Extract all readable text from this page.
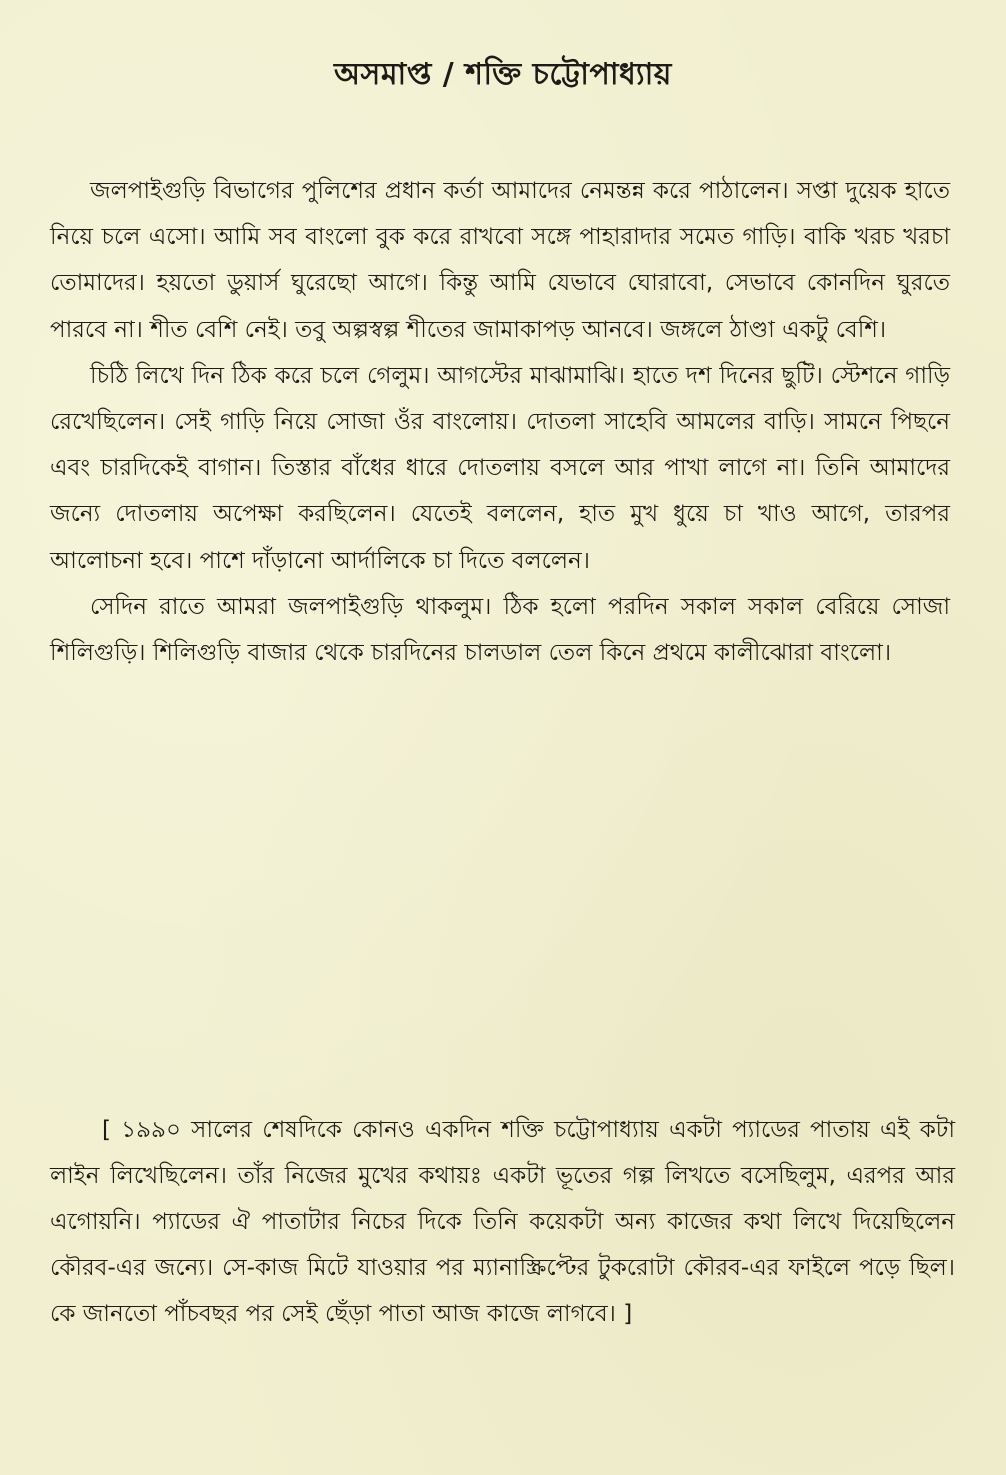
অসমাপ্ত / শক্তি চট্টোপাধ্যায়

জলপাইগুড়ি বিভাগের পুলিশের প্রধান কর্তা আমাদের নেমন্তন্ন করে পাঠালেন। সপ্তা দুয়েক হাতে নিয়ে চলে এসো। আমি সব বাংলো বুক করে রাখবো সঙ্গে পাহারাদার সমেত গাড়ি। বাকি খরচ খরচা তোমাদের। হয়তো ডুয়ার্স ঘুরেছো আগে। কিন্তু আমি যেভাবে ঘোরাবো, সেভাবে কোনদিন ঘুরতে পারবে না। শীত বেশি নেই। তবু অল্পস্বল্প শীতের জামাকাপড় আনবে। জঙ্গলে ঠাণ্ডা একটু বেশি।

চিঠি লিখে দিন ঠিক করে চলে গেলুম। আগস্টের মাঝামাঝি। হাতে দশ দিনের ছুটি। স্টেশনে গাড়ি রেখেছিলেন। সেই গাড়ি নিয়ে সোজা ওঁর বাংলোয়। দোতলা সাহেবি আমলের বাড়ি। সামনে পিছনে এবং চারদিকেই বাগান। তিস্তার বাঁধের ধারে দোতলায় বসলে আর পাখা লাগে না। তিনি আমাদের জন্যে দোতলায় অপেক্ষা করছিলেন। যেতেই বললেন, হাত মুখ ধুয়ে চা খাও আগে, তারপর আলোচনা হবে। পাশে দাঁড়ানো আর্দালিকে চা দিতে বললেন।

সেদিন রাতে আমরা জলপাইগুড়ি থাকলুম। ঠিক হলো পরদিন সকাল সকাল বেরিয়ে সোজা শিলিগুড়ি। শিলিগুড়ি বাজার থেকে চারদিনের চালডাল তেল কিনে প্রথমে কালীঝোরা বাংলো।

[ ১৯৯০ সালের শেষদিকে কোনও একদিন শক্তি চট্টোপাধ্যায় একটা প্যাডের পাতায় এই কটা লাইন লিখেছিলেন। তাঁর নিজের মুখের কথায়ঃ একটা ভূতের গল্প লিখতে বসেছিলুম, এরপর আর এগোয়নি। প্যাডের ঐ পাতাটার নিচের দিকে তিনি কয়েকটা অন্য কাজের কথা লিখে দিয়েছিলেন কৌরব-এর জন্যে। সে-কাজ মিটে যাওয়ার পর ম্যানাস্ক্রিপ্টের টুকরোটা কৌরব-এর ফাইলে পড়ে ছিল। কে জানতো পাঁচবছর পর সেই ছেঁড়া পাতা আজ কাজে লাগবে। ]
